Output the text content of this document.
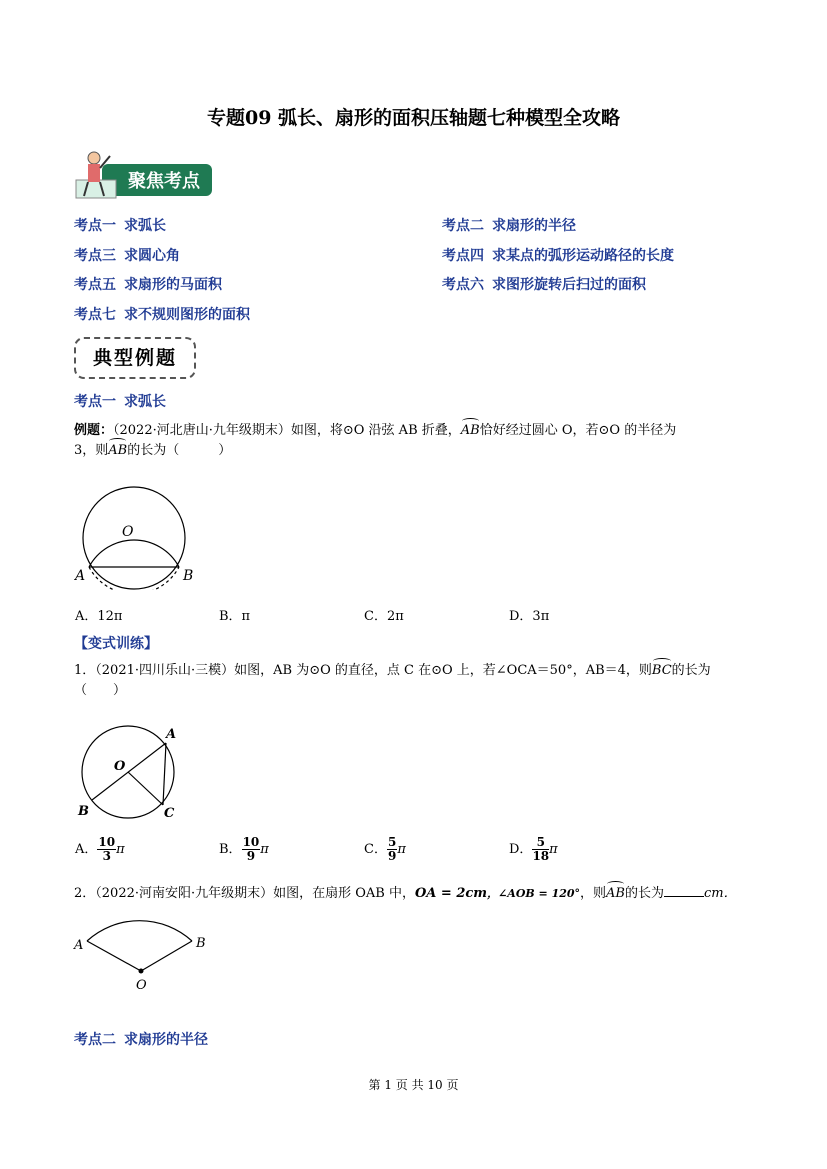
专题09 弧长、扇形的面积压轴题七种模型全攻略
聚焦考点
考点一 求弧长	考点二 求扇形的半径
考点三 求圆心角	考点四 求某点的弧形运动路径的长度
考点五 求扇形的马面积	考点六 求图形旋转后扫过的面积
考点七 求不规则图形的面积
典型例题
考点一 求弧长
例题：（2022·河北唐山·九年级期末）如图，将⊙O 沿弦 AB 折叠，AB恰好经过圆心 O，若⊙O 的半径为
3，则AB的长为（　　　）
O
A	B
A．12π	B．π	C．2π	D．3π
【变式训练】
1．（2021·四川乐山·三模）如图，AB 为⊙O 的直径，点 C 在⊙O 上，若∠OCA＝50°，AB＝4，则BC的长为
（　　）
O
A
B	C
A． $\frac{10}{3}$ π	B． $\frac{10}{9}$ π	C． $\frac{5}{9}$ π	D． $\frac{5}{18}$ π
2．（2022·河南安阳·九年级期末）如图，在扇形 OAB 中，OA = 2cm，∠AOB = 120°，则AB的长为	cm．
A	B
O
考点二 求扇形的半径
第 1 页 共 10 页
